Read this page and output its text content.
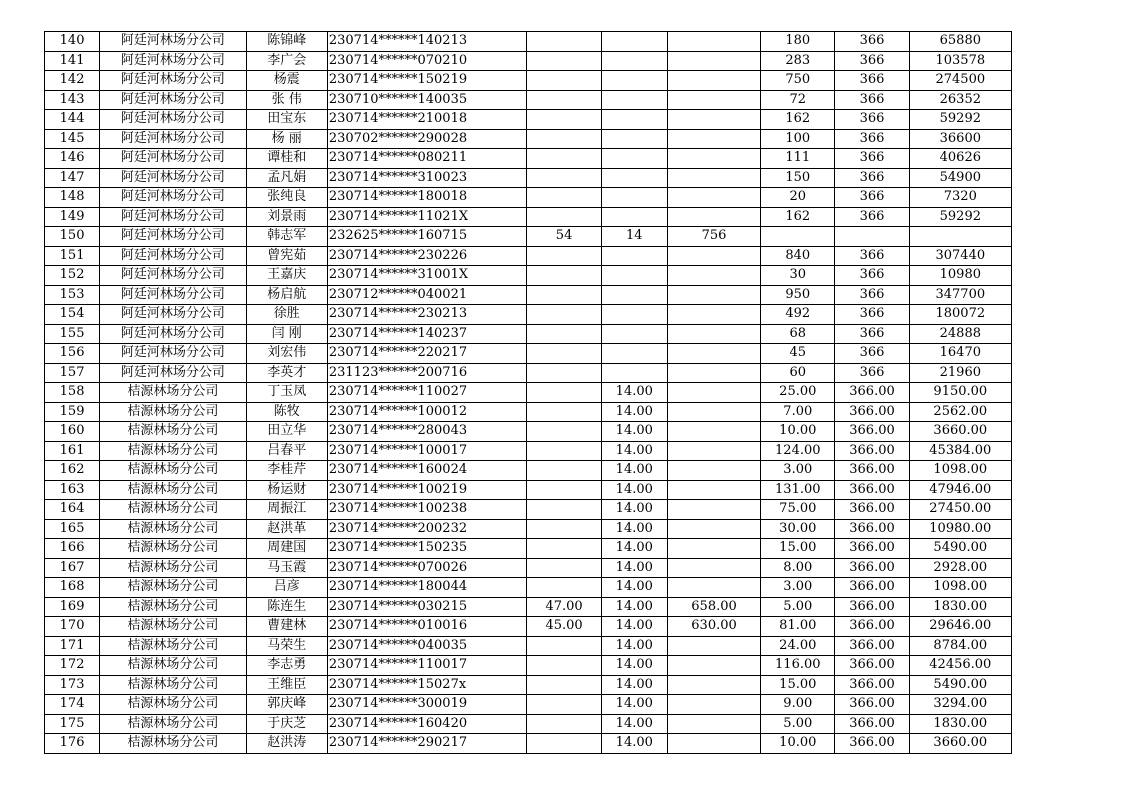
140	阿廷河林场分公司	陈锦峰	230714******140213				180	366	65880
141	阿廷河林场分公司	李广会	230714******070210				283	366	103578
142	阿廷河林场分公司	杨震	230714******150219				750	366	274500
143	阿廷河林场分公司	张 伟	230710******140035				72	366	26352
144	阿廷河林场分公司	田宝东	230714******210018				162	366	59292
145	阿廷河林场分公司	杨 丽	230702******290028				100	366	36600
146	阿廷河林场分公司	谭桂和	230714******080211				111	366	40626
147	阿廷河林场分公司	孟凡娟	230714******310023				150	366	54900
148	阿廷河林场分公司	张纯良	230714******180018				20	366	7320
149	阿廷河林场分公司	刘景雨	230714******11021X				162	366	59292
150	阿廷河林场分公司	韩志军	232625******160715	54	14	756			
151	阿廷河林场分公司	曾宪茹	230714******230226				840	366	307440
152	阿廷河林场分公司	王嘉庆	230714******31001X				30	366	10980
153	阿廷河林场分公司	杨启航	230712******040021				950	366	347700
154	阿廷河林场分公司	徐胜	230714******230213				492	366	180072
155	阿廷河林场分公司	闫 刚	230714******140237				68	366	24888
156	阿廷河林场分公司	刘宏伟	230714******220217				45	366	16470
157	阿廷河林场分公司	李英才	231123******200716				60	366	21960
158	桔源林场分公司	丁玉凤	230714******110027		14.00		25.00	366.00	9150.00
159	桔源林场分公司	陈牧	230714******100012		14.00		7.00	366.00	2562.00
160	桔源林场分公司	田立华	230714******280043		14.00		10.00	366.00	3660.00
161	桔源林场分公司	吕春平	230714******100017		14.00		124.00	366.00	45384.00
162	桔源林场分公司	李桂芹	230714******160024		14.00		3.00	366.00	1098.00
163	桔源林场分公司	杨运财	230714******100219		14.00		131.00	366.00	47946.00
164	桔源林场分公司	周振江	230714******100238		14.00		75.00	366.00	27450.00
165	桔源林场分公司	赵洪革	230714******200232		14.00		30.00	366.00	10980.00
166	桔源林场分公司	周建国	230714******150235		14.00		15.00	366.00	5490.00
167	桔源林场分公司	马玉霞	230714******070026		14.00		8.00	366.00	2928.00
168	桔源林场分公司	吕彦	230714******180044		14.00		3.00	366.00	1098.00
169	桔源林场分公司	陈连生	230714******030215	47.00	14.00	658.00	5.00	366.00	1830.00
170	桔源林场分公司	曹建林	230714******010016	45.00	14.00	630.00	81.00	366.00	29646.00
171	桔源林场分公司	马荣生	230714******040035		14.00		24.00	366.00	8784.00
172	桔源林场分公司	李志勇	230714******110017		14.00		116.00	366.00	42456.00
173	桔源林场分公司	王维臣	230714******15027x		14.00		15.00	366.00	5490.00
174	桔源林场分公司	郭庆峰	230714******300019		14.00		9.00	366.00	3294.00
175	桔源林场分公司	于庆芝	230714******160420		14.00		5.00	366.00	1830.00
176	桔源林场分公司	赵洪涛	230714******290217		14.00		10.00	366.00	3660.00
